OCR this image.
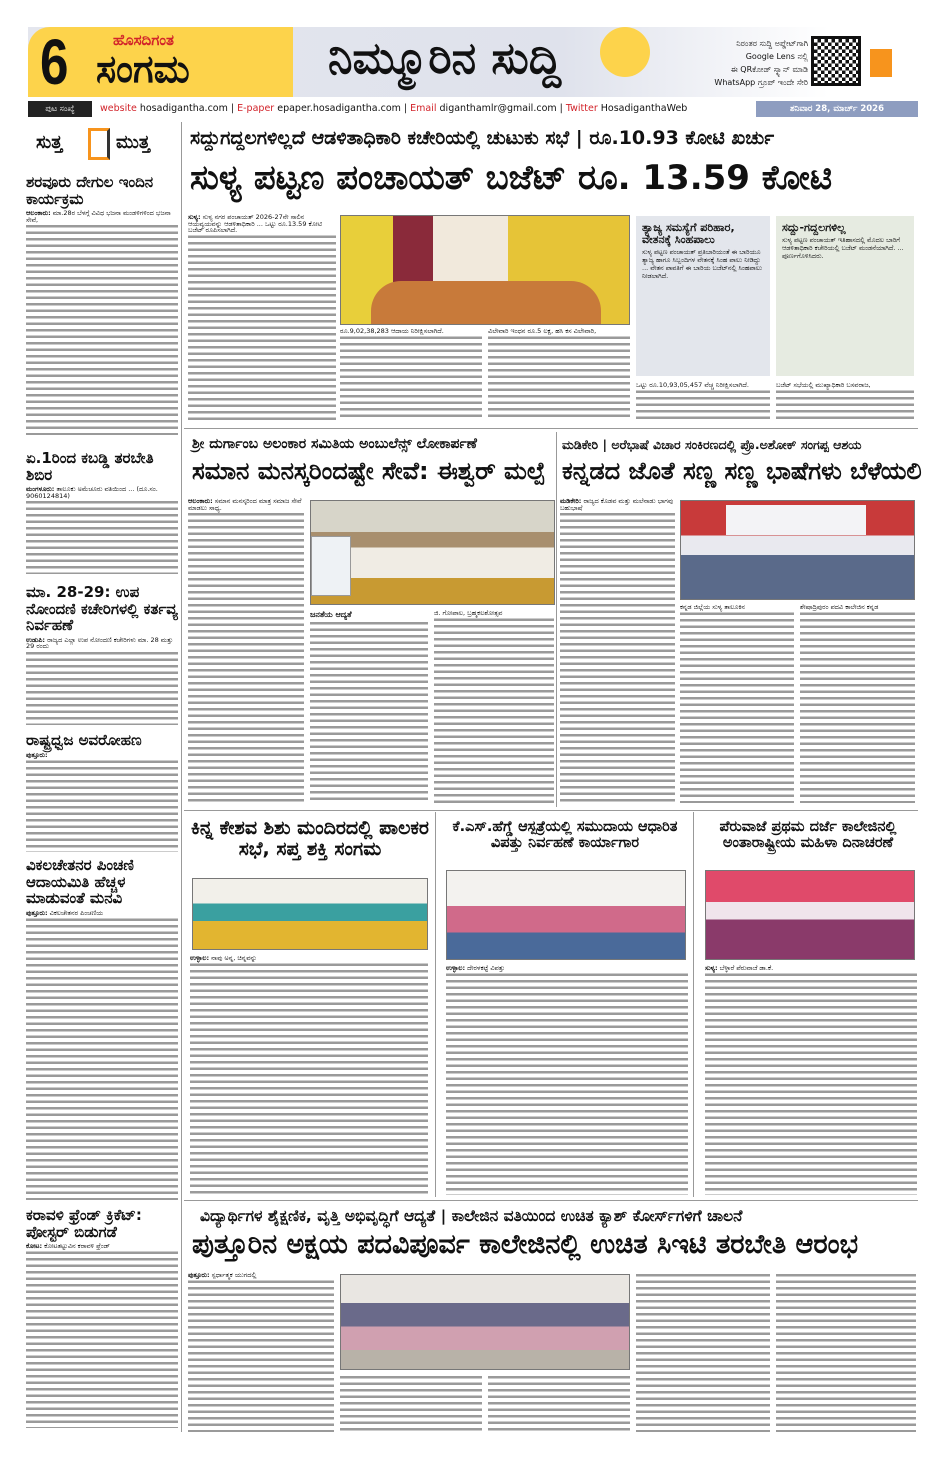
6	ಹೊಸದಿಗಂತ
ಸಂಗಮ	ನಿಮ್ಮೂರಿನ ಸುದ್ದಿ	ನಿರಂತರ ಸುದ್ದಿ ಅಪ್ಡೇಟ್‌ಗಾಗಿ
Google Lens ನಲ್ಲಿ
ಈ QRಕೋಡ್ ಸ್ಕ್ಯಾನ್ ಮಾಡಿ
WhatsApp ಗ್ರೂಪ್ ಇಂದೇ ಸೇರಿ
ಪುಟ ಸಂಖ್ಯೆ	website hosadigantha.com | E-paper epaper.hosadigantha.com | Email diganthamlr@gmail.com | Twitter HosadiganthaWeb	ಶನಿವಾರ 28, ಮಾರ್ಚ್ 2026
ಸುತ್ತ	ಮುತ್ತ
ಶರವೂರು ದೇಗುಲ ಇಂದಿನ ಕಾರ್ಯಕ್ರಮ
ಆಲಂಕಾರು: ಮಾ.28ರ ಬೆಳಗ್ಗೆ ವಿವಿಧ ಭಜನಾ ಮಂಡಳಿಗಳಿಂದ ಭಜನಾ ಸೇವೆ,
ಏ.1ರಿಂದ ಕಬಡ್ಡಿ ತರಬೇತಿ ಶಿಬಿರ
ಮಂಗಳೂರು: ತಾಲೂಕು ಅಮೆಚೂರು ವತಿಯಿಂದ ... (ದೂ.ಸಂ. 9060124814)
ಮಾ. 28-29: ಉಪ ನೋಂದಣಿ ಕಚೇರಿಗಳಲ್ಲಿ ಕರ್ತವ್ಯ ನಿರ್ವಹಣೆ
ಉಡುಪಿ: ರಾಜ್ಯದ ಎಲ್ಲಾ ಉಪ ನೋಂದಣಿ ಕಚೇರಿಗಳು ಮಾ. 28 ಮತ್ತು 29 ರಂದು
ರಾಷ್ಟ್ರಧ್ವಜ ಅವರೋಹಣ
ಪುತ್ತೂರು:
ವಿಕಲಚೇತನರ ಪಿಂಚಣಿ ಆದಾಯಮಿತಿ ಹೆಚ್ಚಳ ಮಾಡುವಂತೆ ಮನವಿ
ಪುತ್ತೂರು: ವಿಕಲಚೇತನರ ಪಿಂಚಣಿಯ
ಕರಾವಳಿ ಫ್ರೆಂಡ್ ಕ್ರಿಕೆಟ್: ಪೋಸ್ಟರ್ ಬಿಡುಗಡೆ
ಕೋಟ: ಕೋಟತಟ್ಟುವಿನ ಕರಾವಳಿ ಫ್ರೆಂಡ್
ಸದ್ದುಗದ್ದಲಗಳಿಲ್ಲದೆ ಆಡಳಿತಾಧಿಕಾರಿ ಕಚೇರಿಯಲ್ಲಿ ಚುಟುಕು ಸಭೆ | ರೂ.10.93 ಕೋಟಿ ಖರ್ಚು
ಸುಳ್ಯ ಪಟ್ಟಣ ಪಂಚಾಯತ್ ಬಜೆಟ್ ರೂ. 13.59 ಕೋಟಿ
ಸುಳ್ಯ: ಸುಳ್ಯ ನಗರ ಪಂಚಾಯತ್ 2026-27ನೇ ಸಾಲಿನ ಆಯವ್ಯಯವನ್ನು ಆಡಳಿತಾಧಿಕಾರಿ ... ಒಟ್ಟು ರೂ.13.59 ಕೋಟಿ ಬಜೆಟ್ ರೂಪಿಸಲಾಗಿದೆ.
ರೂ.9,02,38,283 ಆದಾಯ ನಿರೀಕ್ಷಿಸಲಾಗಿದೆ.	ವಿಲೇವಾರಿ ಇಂಧನ ರೂ.5 ಲಕ್ಷ, ಹಸಿ ಕಸ ವಿಲೇವಾರಿ,
ತ್ಯಾಜ್ಯ ಸಮಸ್ಯೆಗೆ ಪರಿಹಾರ, ವೇತನಕ್ಕೆ ಸಿಂಹಪಾಲು
ಸುಳ್ಯ ಪಟ್ಟಣ ಪಂಚಾಯತ್ ಪ್ರತಿಬಾರಿಯಂತೆ ಈ ಬಾರಿಯೂ ತ್ಯಾಜ್ಯ ಹಾಗೂ ಸಿಬ್ಬಂದಿಗಳ ವೇತನಕ್ಕೆ ಸಿಂಹ ಪಾಲು ನೀಡಿದ್ದು ... ವೇತನ ಪಾವತಿಗೆ ಈ ಬಾರಿಯ ಬಜೆಟ್‌ನಲ್ಲಿ ಸಿಂಹಪಾಲು ನೀಡಲಾಗಿದೆ.
ಸದ್ದು-ಗದ್ದಲಗಳಿಲ್ಲ
ಸುಳ್ಯ ಪಟ್ಟಣ ಪಂಚಾಯತ್ ಇತಿಹಾಸದಲ್ಲಿ ಮೊದಲ ಬಾರಿಗೆ ಆಡಳಿತಾಧಿಕಾರಿ ಕಚೇರಿಯಲ್ಲಿ ಬಜೆಟ್ ಮಂಡನೆಯಾಗಿದೆ. ... ಪೂರ್ಣಗೊಳಿಸಿದರು.
ಒಟ್ಟು ರೂ.10,93,05,457 ವೆಚ್ಚ ನಿರೀಕ್ಷಿಸಲಾಗಿದೆ.	ಬಜೆಟ್ ಸಭೆಯಲ್ಲಿ ಮುಖ್ಯಾಧಿಕಾರಿ ಬಸವರಾಜ,
ಶ್ರೀ ದುರ್ಗಾಂಬ ಅಲಂಕಾರ ಸಮಿತಿಯ ಅಂಬುಲೆನ್ಸ್ ಲೋಕಾರ್ಪಣೆ
ಸಮಾನ ಮನಸ್ಕರಿಂದಷ್ಟೇ ಸೇವೆ: ಈಶ್ವರ್ ಮಲ್ಪೆ
ಆಲಂಕಾರು: ಸಮಾನ ಮನಸ್ಕರಿಂದ ಮಾತ್ರ ಸಮಾಜ ಸೇವೆ ಮಾಡಲು ಸಾಧ್ಯ.
ಜನತೆಯ ಆದ್ಯತೆ	ಜಿ. ಗೋಪಾಲ, ಬ್ರಹ್ಮಕಲಶೋತ್ಸವ
ಮಡಿಕೇರಿ | ಅರೆಭಾಷೆ ವಿಚಾರ ಸಂಕಿರಣದಲ್ಲಿ ಪ್ರೊ.ಅಶೋಕ್ ಸಂಗಪ್ಪ ಆಶಯ
ಕನ್ನಡದ ಜೊತೆ ಸಣ್ಣ ಸಣ್ಣ ಭಾಷೆಗಳು ಬೆಳೆಯಲಿ
ಮಡಿಕೇರಿ: ರಾಜ್ಯದ ಕೊಡವ ಮತ್ತು ಮಲೆನಾಡು ಭಾಗವು ಬಹುಭಾಷೆ
ಕನ್ನಡ ಜಿಲ್ಲೆಯ ಸುಳ್ಯ ತಾಲೂಕಿನ	ಶೇಷಾದ್ರಿಪುರಂ ಪದವಿ ಕಾಲೇಜಿನ ಕನ್ನಡ
ಕಿನ್ನ ಕೇಶವ ಶಿಶು ಮಂದಿರದಲ್ಲಿ ಪಾಲಕರ ಸಭೆ, ಸಪ್ತ ಶಕ್ತಿ ಸಂಗಮ
ಉಳ್ಳಾಲ: ನಾವು ಅನ್ನ, ಚಿನ್ನವನ್ನು
ಕೆ.ಎಸ್.ಹೆಗ್ಡೆ ಆಸ್ಪತ್ರೆಯಲ್ಲಿ ಸಮುದಾಯ ಆಧಾರಿತ ವಿಪತ್ತು ನಿರ್ವಹಣೆ ಕಾರ್ಯಾಗಾರ
ಉಳ್ಳಾಲ: ದೇರಳಕಟ್ಟೆ ವಿಪತ್ತು
ಪೆರುವಾಜೆ ಪ್ರಥಮ ದರ್ಜೆ ಕಾಲೇಜಿನಲ್ಲಿ ಅಂತಾರಾಷ್ಟ್ರೀಯ ಮಹಿಳಾ ದಿನಾಚರಣೆ
ಸುಳ್ಯ: ಬೆಳ್ಳಾರೆ ಪೆರುವಾಜೆ ಡಾ.ಕೆ.
ವಿದ್ಯಾರ್ಥಿಗಳ ಶೈಕ್ಷಣಿಕ, ವೃತ್ತಿ ಅಭಿವೃದ್ಧಿಗೆ ಆದ್ಯತೆ | ಕಾಲೇಜಿನ ವತಿಯಿಂದ ಉಚಿತ ಕ್ಯಾಶ್ ಕೋರ್ಸ್‌ಗಳಿಗೆ ಚಾಲನೆ
ಪುತ್ತೂರಿನ ಅಕ್ಷಯ ಪದವಿಪೂರ್ವ ಕಾಲೇಜಿನಲ್ಲಿ ಉಚಿತ ಸಿಇಟಿ ತರಬೇತಿ ಆರಂಭ
ಪುತ್ತೂರು: ಸ್ಪರ್ಧಾತ್ಮಕ ಯುಗದಲ್ಲಿ
